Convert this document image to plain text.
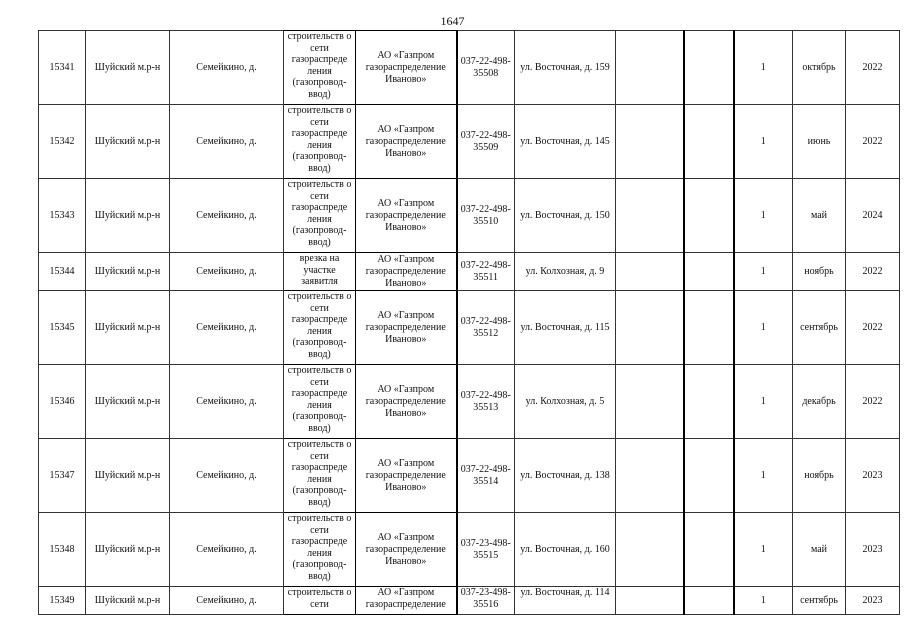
1647
15341	Шуйский м.р-н	Семейкино, д.	строительств о сети газораспреде ления (газопровод-ввод)	АО «Газпром газораспределение Иваново»	037-22-498-35508	ул. Восточная, д. 159			1	октябрь	2022
15342	Шуйский м.р-н	Семейкино, д.	строительств о сети газораспреде ления (газопровод-ввод)	АО «Газпром газораспределение Иваново»	037-22-498-35509	ул. Восточная, д. 145			1	июнь	2022
15343	Шуйский м.р-н	Семейкино, д.	строительств о сети газораспреде ления (газопровод-ввод)	АО «Газпром газораспределение Иваново»	037-22-498-35510	ул. Восточная, д. 150			1	май	2024
15344	Шуйский м.р-н	Семейкино, д.	врезка на участке заявитля	АО «Газпром газораспределение Иваново»	037-22-498-35511	ул. Колхозная, д. 9			1	ноябрь	2022
15345	Шуйский м.р-н	Семейкино, д.	строительств о сети газораспреде ления (газопровод-ввод)	АО «Газпром газораспределение Иваново»	037-22-498-35512	ул. Восточная, д. 115			1	сентябрь	2022
15346	Шуйский м.р-н	Семейкино, д.	строительств о сети газораспреде ления (газопровод-ввод)	АО «Газпром газораспределение Иваново»	037-22-498-35513	ул. Колхозная, д. 5			1	декабрь	2022
15347	Шуйский м.р-н	Семейкино, д.	строительств о сети газораспреде ления (газопровод-ввод)	АО «Газпром газораспределение Иваново»	037-22-498-35514	ул. Восточная, д. 138			1	ноябрь	2023
15348	Шуйский м.р-н	Семейкино, д.	строительств о сети газораспреде ления (газопровод-ввод)	АО «Газпром газораспределение Иваново»	037-23-498-35515	ул. Восточная, д. 160			1	май	2023
15349	Шуйский м.р-н	Семейкино, д.	строительств о сети	АО «Газпром газораспределение	037-23-498-35516	ул. Восточная, д. 114			1	сентябрь	2023
